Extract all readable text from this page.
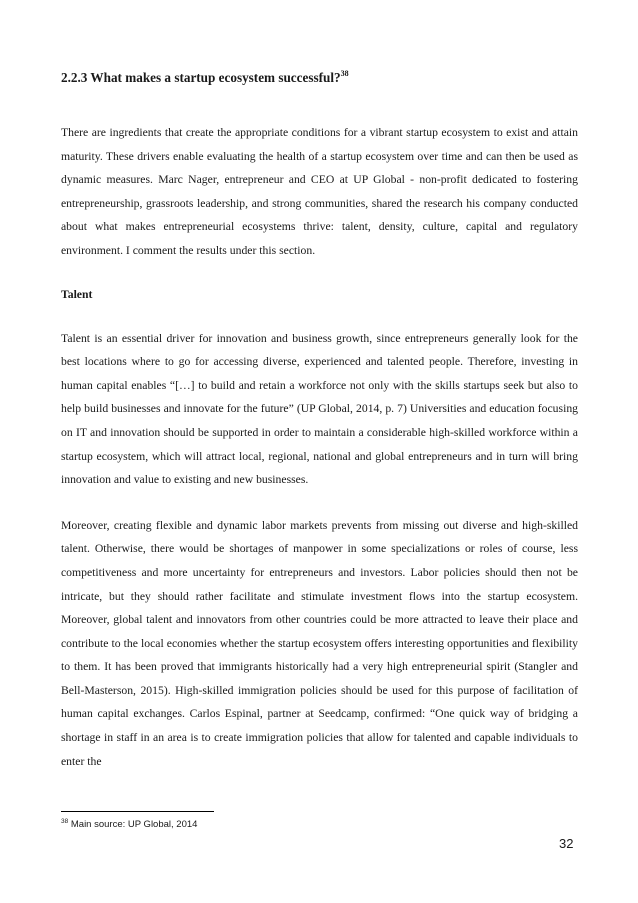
2.2.3 What makes a startup ecosystem successful?$^{38}$

There are ingredients that create the appropriate conditions for a vibrant startup ecosystem to exist and attain maturity. These drivers enable evaluating the health of a startup ecosystem over time and can then be used as dynamic measures. Marc Nager, entrepreneur and CEO at UP Global - non-profit dedicated to fostering entrepreneurship, grassroots leadership, and strong communities, shared the research his company conducted about what makes entrepreneurial ecosystems thrive: talent, density, culture, capital and regulatory environment. I comment the results under this section.

Talent

Talent is an essential driver for innovation and business growth, since entrepreneurs generally look for the best locations where to go for accessing diverse, experienced and talented people. Therefore, investing in human capital enables “[…] to build and retain a workforce not only with the skills startups seek but also to help build businesses and innovate for the future” (UP Global, 2014, p. 7) Universities and education focusing on IT and innovation should be supported in order to maintain a considerable high-skilled workforce within a startup ecosystem, which will attract local, regional, national and global entrepreneurs and in turn will bring innovation and value to existing and new businesses.

Moreover, creating flexible and dynamic labor markets prevents from missing out diverse and high-skilled talent. Otherwise, there would be shortages of manpower in some specializations or roles of course, less competitiveness and more uncertainty for entrepreneurs and investors. Labor policies should then not be intricate, but they should rather facilitate and stimulate investment flows into the startup ecosystem. Moreover, global talent and innovators from other countries could be more attracted to leave their place and contribute to the local economies whether the startup ecosystem offers interesting opportunities and flexibility to them. It has been proved that immigrants historically had a very high entrepreneurial spirit (Stangler and Bell-Masterson, 2015). High-skilled immigration policies should be used for this purpose of facilitation of human capital exchanges. Carlos Espinal, partner at Seedcamp, confirmed: “One quick way of bridging a shortage in staff in an area is to create immigration policies that allow for talented and capable individuals to enter the

$^{38}$ Main source: UP Global, 2014
32
